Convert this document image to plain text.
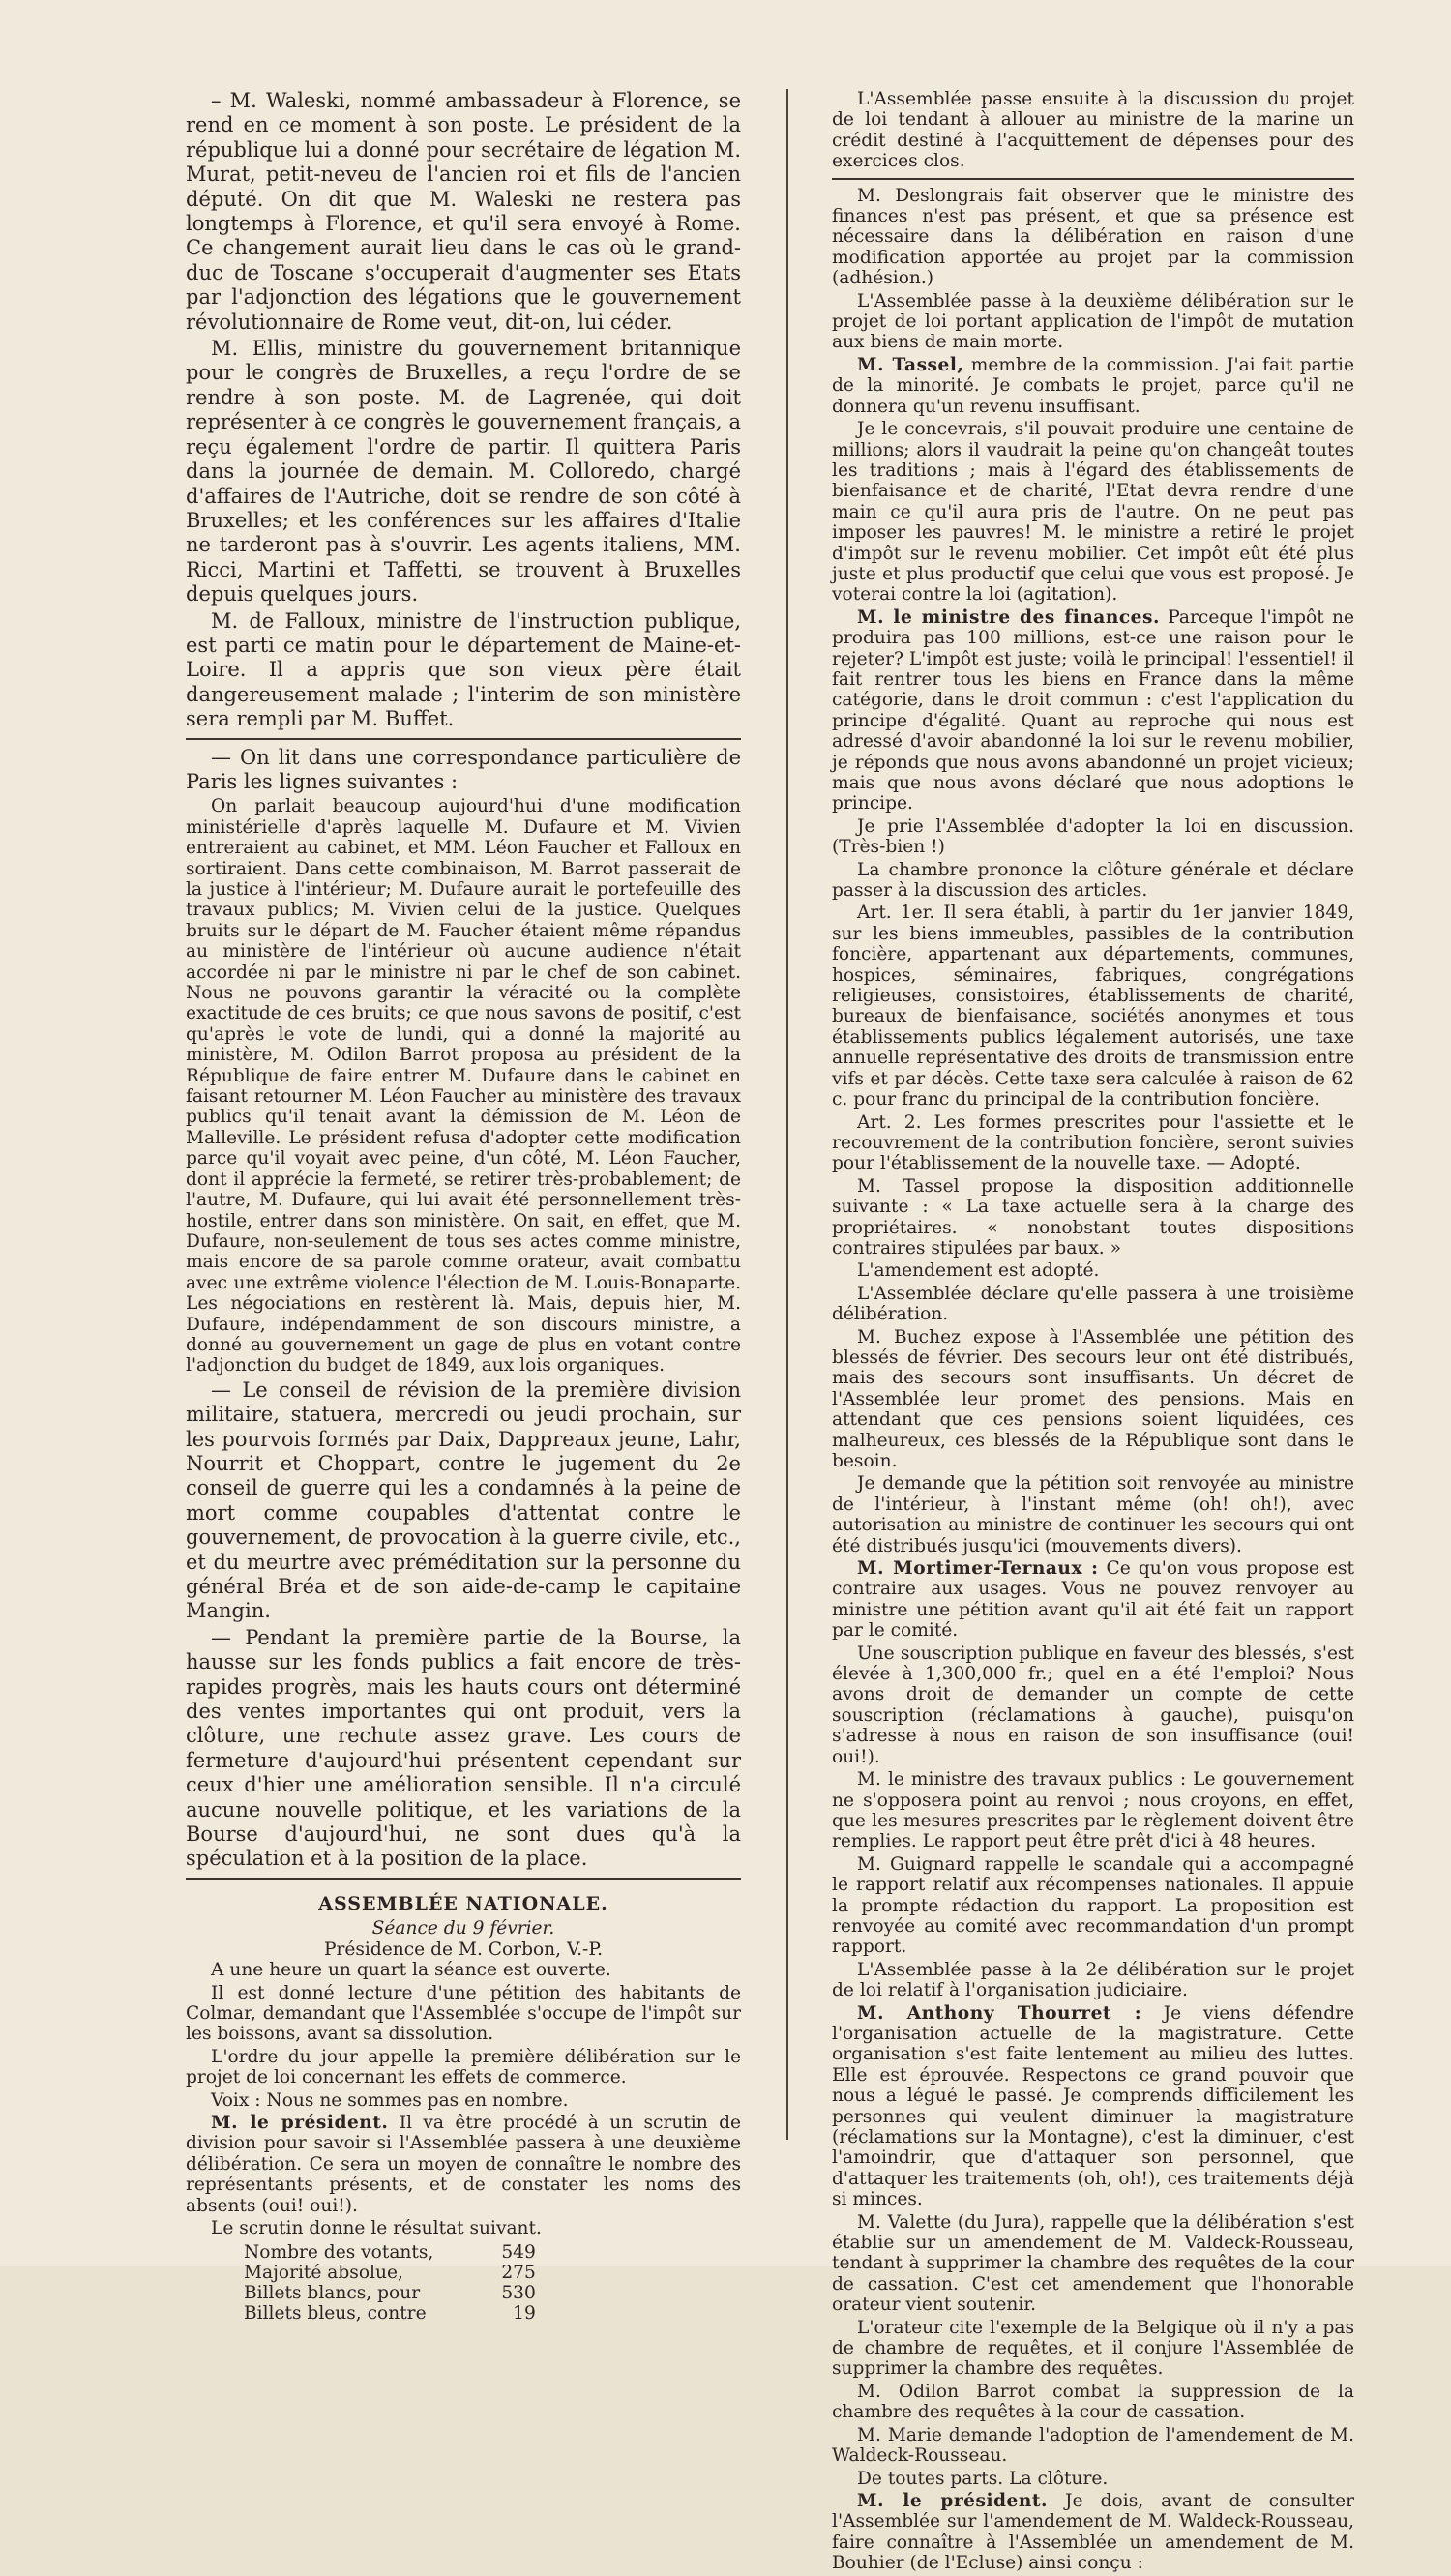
– M. Waleski, nommé ambassadeur à Florence, se rend en ce moment à son poste. Le président de la république lui a donné pour secrétaire de légation M. Murat, petit-neveu de l'ancien roi et fils de l'ancien député. On dit que M. Waleski ne restera pas longtemps à Florence, et qu'il sera envoyé à Rome. Ce changement aurait lieu dans le cas où le grand-duc de Toscane s'occuperait d'augmenter ses Etats par l'adjonction des légations que le gouvernement révolutionnaire de Rome veut, dit-on, lui céder.

M. Ellis, ministre du gouvernement britannique pour le congrès de Bruxelles, a reçu l'ordre de se rendre à son poste. M. de Lagrenée, qui doit représenter à ce congrès le gouvernement français, a reçu également l'ordre de partir. Il quittera Paris dans la journée de demain. M. Colloredo, chargé d'affaires de l'Autriche, doit se rendre de son côté à Bruxelles; et les conférences sur les affaires d'Italie ne tarderont pas à s'ouvrir. Les agents italiens, MM. Ricci, Martini et Taffetti, se trouvent à Bruxelles depuis quelques jours.

M. de Falloux, ministre de l'instruction publique, est parti ce matin pour le département de Maine-et-Loire. Il a appris que son vieux père était dangereusement malade ; l'interim de son ministère sera rempli par M. Buffet.

— On lit dans une correspondance particulière de Paris les lignes suivantes :

On parlait beaucoup aujourd'hui d'une modification ministérielle d'après laquelle M. Dufaure et M. Vivien entreraient au cabinet, et MM. Léon Faucher et Falloux en sortiraient. Dans cette combinaison, M. Barrot passerait de la justice à l'intérieur; M. Dufaure aurait le portefeuille des travaux publics; M. Vivien celui de la justice. Quelques bruits sur le départ de M. Faucher étaient même répandus au ministère de l'intérieur où aucune audience n'était accordée ni par le ministre ni par le chef de son cabinet. Nous ne pouvons garantir la véracité ou la complète exactitude de ces bruits; ce que nous savons de positif, c'est qu'après le vote de lundi, qui a donné la majorité au ministère, M. Odilon Barrot proposa au président de la République de faire entrer M. Dufaure dans le cabinet en faisant retourner M. Léon Faucher au ministère des travaux publics qu'il tenait avant la démission de M. Léon de Malleville. Le président refusa d'adopter cette modification parce qu'il voyait avec peine, d'un côté, M. Léon Faucher, dont il apprécie la fermeté, se retirer très-probablement; de l'autre, M. Dufaure, qui lui avait été personnellement très-hostile, entrer dans son ministère. On sait, en effet, que M. Dufaure, non-seulement de tous ses actes comme ministre, mais encore de sa parole comme orateur, avait combattu avec une extrême violence l'élection de M. Louis-Bonaparte. Les négociations en restèrent là. Mais, depuis hier, M. Dufaure, indépendamment de son discours ministre, a donné au gouvernement un gage de plus en votant contre l'adjonction du budget de 1849, aux lois organiques.

— Le conseil de révision de la première division militaire, statuera, mercredi ou jeudi prochain, sur les pourvois formés par Daix, Dappreaux jeune, Lahr, Nourrit et Choppart, contre le jugement du 2e conseil de guerre qui les a condamnés à la peine de mort comme coupables d'attentat contre le gouvernement, de provocation à la guerre civile, etc., et du meurtre avec préméditation sur la personne du général Bréa et de son aide-de-camp le capitaine Mangin.

— Pendant la première partie de la Bourse, la hausse sur les fonds publics a fait encore de très-rapides progrès, mais les hauts cours ont déterminé des ventes importantes qui ont produit, vers la clôture, une rechute assez grave. Les cours de fermeture d'aujourd'hui présentent cependant sur ceux d'hier une amélioration sensible. Il n'a circulé aucune nouvelle politique, et les variations de la Bourse d'aujourd'hui, ne sont dues qu'à la spéculation et à la position de la place.

ASSEMBLÉE NATIONALE.
Séance du 9 février.
Présidence de M. Corbon, V.-P.

A une heure un quart la séance est ouverte.

Il est donné lecture d'une pétition des habitants de Colmar, demandant que l'Assemblée s'occupe de l'impôt sur les boissons, avant sa dissolution.

L'ordre du jour appelle la première délibération sur le projet de loi concernant les effets de commerce.

Voix : Nous ne sommes pas en nombre.

M. le président. Il va être procédé à un scrutin de division pour savoir si l'Assemblée passera à une deuxième délibération. Ce sera un moyen de connaître le nombre des représentants présents, et de constater les noms des absents (oui! oui!).

Le scrutin donne le résultat suivant.

Nombre des votants,	549
Majorité absolue,	275
Billets blancs, pour	530
Billets bleus, contre	19

L'Assemblée passe ensuite à la discussion du projet de loi tendant à allouer au ministre de la marine un crédit destiné à l'acquittement de dépenses pour des exercices clos.

M. Deslongrais fait observer que le ministre des finances n'est pas présent, et que sa présence est nécessaire dans la délibération en raison d'une modification apportée au projet par la commission (adhésion.)

L'Assemblée passe à la deuxième délibération sur le projet de loi portant application de l'impôt de mutation aux biens de main morte.

M. Tassel, membre de la commission. J'ai fait partie de la minorité. Je combats le projet, parce qu'il ne donnera qu'un revenu insuffisant.

Je le concevrais, s'il pouvait produire une centaine de millions; alors il vaudrait la peine qu'on changeât toutes les traditions ; mais à l'égard des établissements de bienfaisance et de charité, l'Etat devra rendre d'une main ce qu'il aura pris de l'autre. On ne peut pas imposer les pauvres! M. le ministre a retiré le projet d'impôt sur le revenu mobilier. Cet impôt eût été plus juste et plus productif que celui que vous est proposé. Je voterai contre la loi (agitation).

M. le ministre des finances. Parceque l'impôt ne produira pas 100 millions, est-ce une raison pour le rejeter? L'impôt est juste; voilà le principal! l'essentiel! il fait rentrer tous les biens en France dans la même catégorie, dans le droit commun : c'est l'application du principe d'égalité. Quant au reproche qui nous est adressé d'avoir abandonné la loi sur le revenu mobilier, je réponds que nous avons abandonné un projet vicieux; mais que nous avons déclaré que nous adoptions le principe.

Je prie l'Assemblée d'adopter la loi en discussion. (Très-bien !)

La chambre prononce la clôture générale et déclare passer à la discussion des articles.

Art. 1er. Il sera établi, à partir du 1er janvier 1849, sur les biens immeubles, passibles de la contribution foncière, appartenant aux départements, communes, hospices, séminaires, fabriques, congrégations religieuses, consistoires, établissements de charité, bureaux de bienfaisance, sociétés anonymes et tous établissements publics légalement autorisés, une taxe annuelle représentative des droits de transmission entre vifs et par décès. Cette taxe sera calculée à raison de 62 c. pour franc du principal de la contribution foncière.

Art. 2. Les formes prescrites pour l'assiette et le recouvrement de la contribution foncière, seront suivies pour l'établissement de la nouvelle taxe. — Adopté.

M. Tassel propose la disposition additionnelle suivante : « La taxe actuelle sera à la charge des propriétaires. « nonobstant toutes dispositions contraires stipulées par baux. »

L'amendement est adopté.

L'Assemblée déclare qu'elle passera à une troisième délibération.

M. Buchez expose à l'Assemblée une pétition des blessés de février. Des secours leur ont été distribués, mais des secours sont insuffisants. Un décret de l'Assemblée leur promet des pensions. Mais en attendant que ces pensions soient liquidées, ces malheureux, ces blessés de la République sont dans le besoin.

Je demande que la pétition soit renvoyée au ministre de l'intérieur, à l'instant même (oh! oh!), avec autorisation au ministre de continuer les secours qui ont été distribués jusqu'ici (mouvements divers).

M. Mortimer-Ternaux : Ce qu'on vous propose est contraire aux usages. Vous ne pouvez renvoyer au ministre une pétition avant qu'il ait été fait un rapport par le comité.

Une souscription publique en faveur des blessés, s'est élevée à 1,300,000 fr.; quel en a été l'emploi? Nous avons droit de demander un compte de cette souscription (réclamations à gauche), puisqu'on s'adresse à nous en raison de son insuffisance (oui! oui!).

M. le ministre des travaux publics : Le gouvernement ne s'opposera point au renvoi ; nous croyons, en effet, que les mesures prescrites par le règlement doivent être remplies. Le rapport peut être prêt d'ici à 48 heures.

M. Guignard rappelle le scandale qui a accompagné le rapport relatif aux récompenses nationales. Il appuie la prompte rédaction du rapport. La proposition est renvoyée au comité avec recommandation d'un prompt rapport.

L'Assemblée passe à la 2e délibération sur le projet de loi relatif à l'organisation judiciaire.

M. Anthony Thourret : Je viens défendre l'organisation actuelle de la magistrature. Cette organisation s'est faite lentement au milieu des luttes. Elle est éprouvée. Respectons ce grand pouvoir que nous a légué le passé. Je comprends difficilement les personnes qui veulent diminuer la magistrature (réclamations sur la Montagne), c'est la diminuer, c'est l'amoindrir, que d'attaquer son personnel, que d'attaquer les traitements (oh, oh!), ces traitements déjà si minces.

M. Valette (du Jura), rappelle que la délibération s'est établie sur un amendement de M. Valdeck-Rousseau, tendant à supprimer la chambre des requêtes de la cour de cassation. C'est cet amendement que l'honorable orateur vient soutenir.

L'orateur cite l'exemple de la Belgique où il n'y a pas de chambre de requêtes, et il conjure l'Assemblée de supprimer la chambre des requêtes.

M. Odilon Barrot combat la suppression de la chambre des requêtes à la cour de cassation.

M. Marie demande l'adoption de l'amendement de M. Waldeck-Rousseau.

De toutes parts. La clôture.

M. le président. Je dois, avant de consulter l'Assemblée sur l'amendement de M. Waldeck-Rousseau, faire connaître à l'Assemblée un amendement de M. Bouhier (de l'Ecluse) ainsi conçu :
